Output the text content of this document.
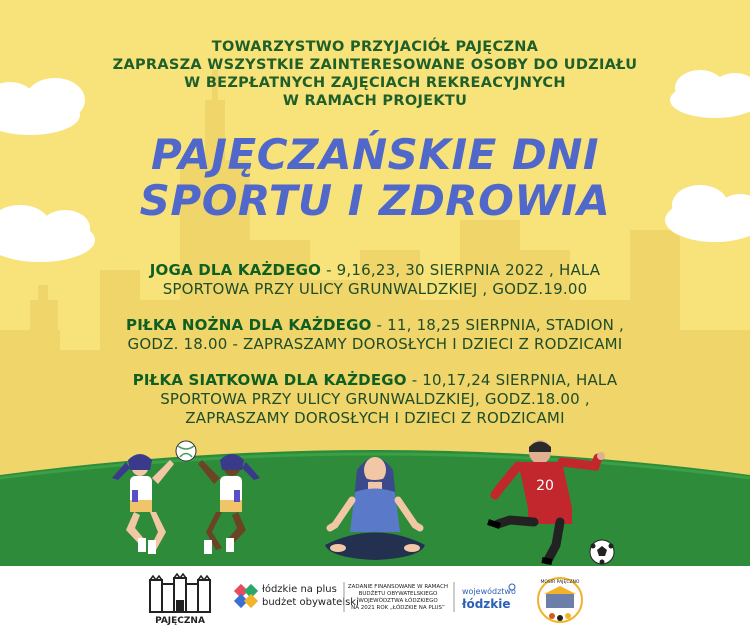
TOWARZYSTWO PRZYJACIÓŁ PAJĘCZNA
ZAPRASZA WSZYSTKIE ZAINTERESOWANE OSOBY DO UDZIAŁU
W BEZPŁATNYCH ZAJĘCIACH REKREACYJNYCH
W RAMACH PROJEKTU
PAJĘCZAŃSKIE DNI
SPORTU I ZDROWIA
JOGA DLA KAŻDEGO - 9,16,23, 30 SIERPNIA 2022 , HALA
SPORTOWA PRZY ULICY GRUNWALDZKIEJ , GODZ.19.00
PIŁKA NOŻNA DLA KAŻDEGO - 11, 18,25 SIERPNIA, STADION ,
GODZ. 18.00 - ZAPRASZAMY DOROSŁYCH I DZIECI Z RODZICAMI
PIŁKA SIATKOWA DLA KAŻDEGO - 10,17,24 SIERPNIA, HALA
SPORTOWA PRZY ULICY GRUNWALDZKIEJ, GODZ.18.00 ,
ZAPRASZAMY DOROSŁYCH I DZIECI Z RODZICAMI
20
PAJĘCZNA
łódzkie na plus
budżet obywatelski
ZADANIE FINANSOWANE W RAMACH
BUDŻETU OBYWATELSKIEGO
WOJEWÓDZTWA ŁÓDZKIEGO
NA 2021 ROK „ŁÓDZKIE NA PLUS”
województwo
łódzkie
MOSIR PAJĘCZNO
